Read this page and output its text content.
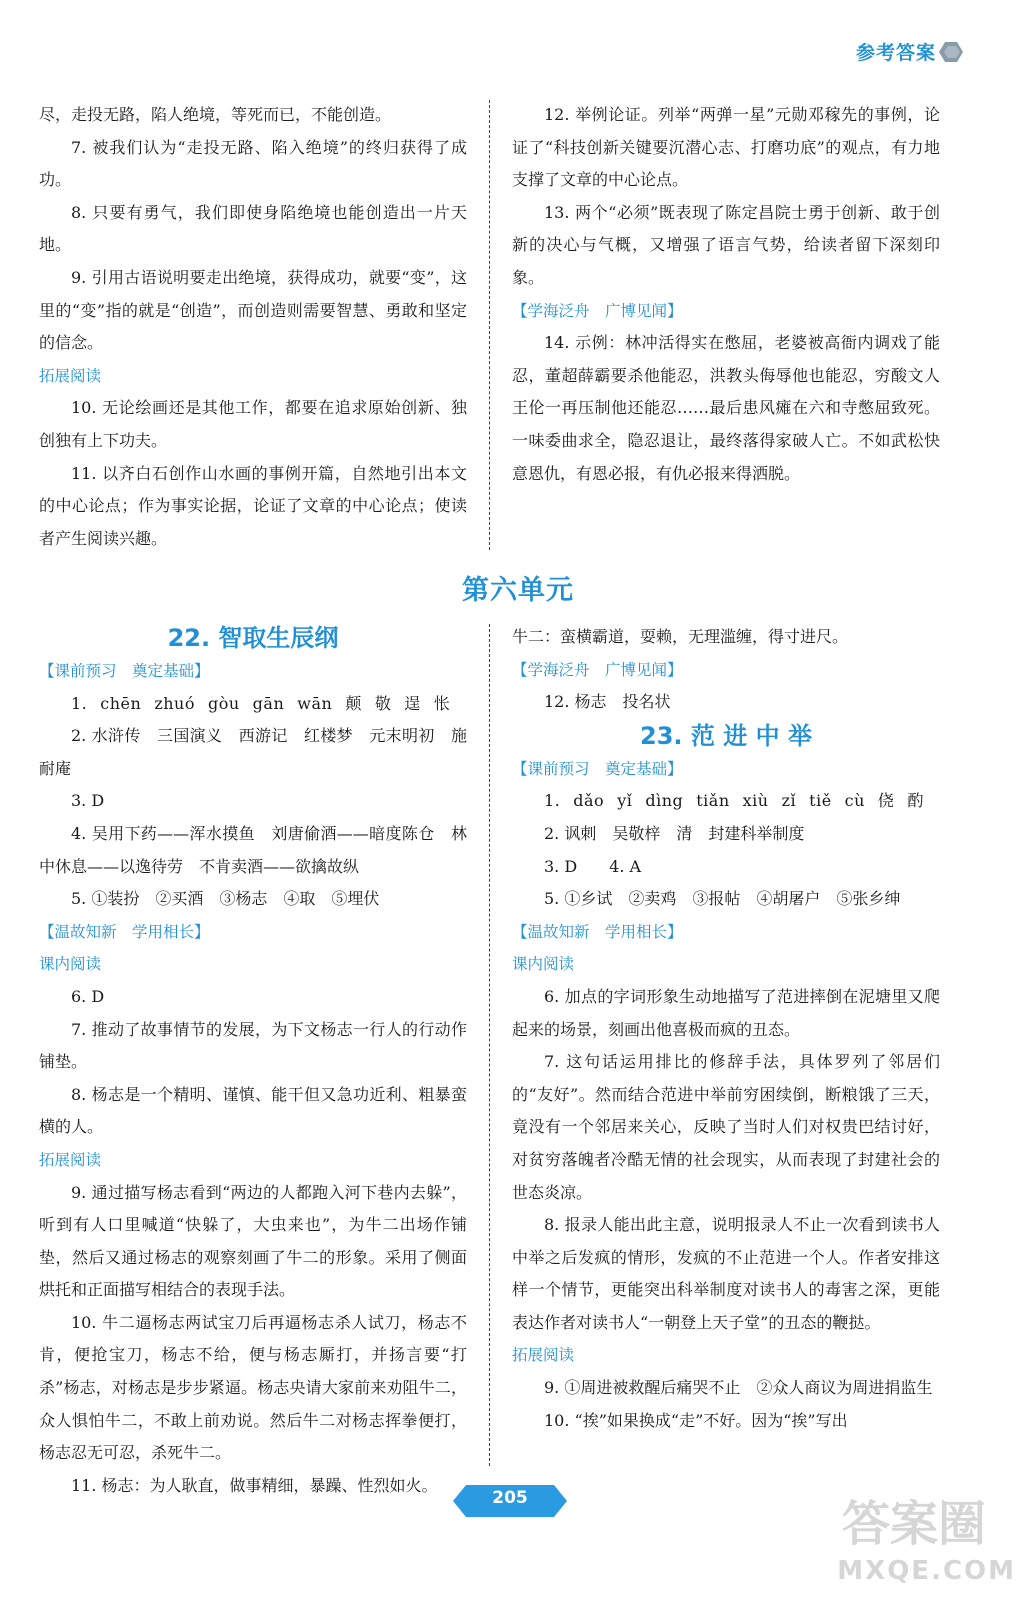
参考答案

尽，走投无路，陷人绝境，等死而已，不能创造。

7. 被我们认为“走投无路、陷入绝境”的终归获得了成功。

8. 只要有勇气，我们即使身陷绝境也能创造出一片天地。

9. 引用古语说明要走出绝境，获得成功，就要“变”，这里的“变”指的就是“创造”，而创造则需要智慧、勇敢和坚定的信念。

拓展阅读

10. 无论绘画还是其他工作，都要在追求原始创新、独创独有上下功夫。

11. 以齐白石创作山水画的事例开篇，自然地引出本文的中心论点；作为事实论据，论证了文章的中心论点；使读者产生阅读兴趣。

12. 举例论证。列举“两弹一星”元勋邓稼先的事例，论证了“科技创新关键要沉潜心志、打磨功底”的观点，有力地支撑了文章的中心论点。

13. 两个“必须”既表现了陈定昌院士勇于创新、敢于创新的决心与气概，又增强了语言气势，给读者留下深刻印象。

【学海泛舟　广博见闻】

14. 示例：林冲活得实在憋屈，老婆被高衙内调戏了能忍，董超薛霸要杀他能忍，洪教头侮辱他也能忍，穷酸文人王伦一再压制他还能忍……最后患风瘫在六和寺憋屈致死。一味委曲求全，隐忍退让，最终落得家破人亡。不如武松快意恩仇，有恩必报，有仇必报来得洒脱。

第六单元
22. 智取生辰纲
【课前预习　奠定基础】

1. chēn zhuó gòu gān wān 颠 敬 逞 怅

2. 水浒传　三国演义　西游记　红楼梦　元末明初　施耐庵

3. D

4. 吴用下药——浑水摸鱼　刘唐偷酒——暗度陈仓　林中休息——以逸待劳　不肯卖酒——欲擒故纵

5. ①装扮　②买酒　③杨志　④取　⑤埋伏

【温故知新　学用相长】
课内阅读

6. D

7. 推动了故事情节的发展，为下文杨志一行人的行动作铺垫。

8. 杨志是一个精明、谨慎、能干但又急功近利、粗暴蛮横的人。

拓展阅读

9. 通过描写杨志看到“两边的人都跑入河下巷内去躲”，听到有人口里喊道“快躲了，大虫来也”，为牛二出场作铺垫，然后又通过杨志的观察刻画了牛二的形象。采用了侧面烘托和正面描写相结合的表现手法。

10. 牛二逼杨志两试宝刀后再逼杨志杀人试刀，杨志不肯，便抢宝刀，杨志不给，便与杨志厮打，并扬言要“打杀”杨志，对杨志是步步紧逼。杨志央请大家前来劝阻牛二，众人惧怕牛二，不敢上前劝说。然后牛二对杨志挥拳便打，杨志忍无可忍，杀死牛二。

11. 杨志：为人耿直，做事精细，暴躁、性烈如火。

牛二：蛮横霸道，耍赖，无理滥缠，得寸进尺。

【学海泛舟　广博见闻】

12. 杨志　投名状

23. 范 进 中 举
【课前预习　奠定基础】

1. dǎo yǐ dìng tiǎn xiù zǐ tiě cù 侥 酌

2. 讽刺　吴敬梓　清　封建科举制度

3. D　　4. A

5. ①乡试　②卖鸡　③报帖　④胡屠户　⑤张乡绅

【温故知新　学用相长】
课内阅读

6. 加点的字词形象生动地描写了范进摔倒在泥塘里又爬起来的场景，刻画出他喜极而疯的丑态。

7. 这句话运用排比的修辞手法，具体罗列了邻居们的“友好”。然而结合范进中举前穷困续倒，断粮饿了三天，竟没有一个邻居来关心，反映了当时人们对权贵巴结讨好，对贫穷落魄者冷酷无情的社会现实，从而表现了封建社会的世态炎凉。

8. 报录人能出此主意，说明报录人不止一次看到读书人中举之后发疯的情形，发疯的不止范进一个人。作者安排这样一个情节，更能突出科举制度对读书人的毒害之深，更能表达作者对读书人“一朝登上天子堂”的丑态的鞭挞。

拓展阅读

9. ①周进被救醒后痛哭不止　②众人商议为周进捐监生

10. “挨”如果换成“走”不好。因为“挨”写出

205	答案圈
MXQE.COM
